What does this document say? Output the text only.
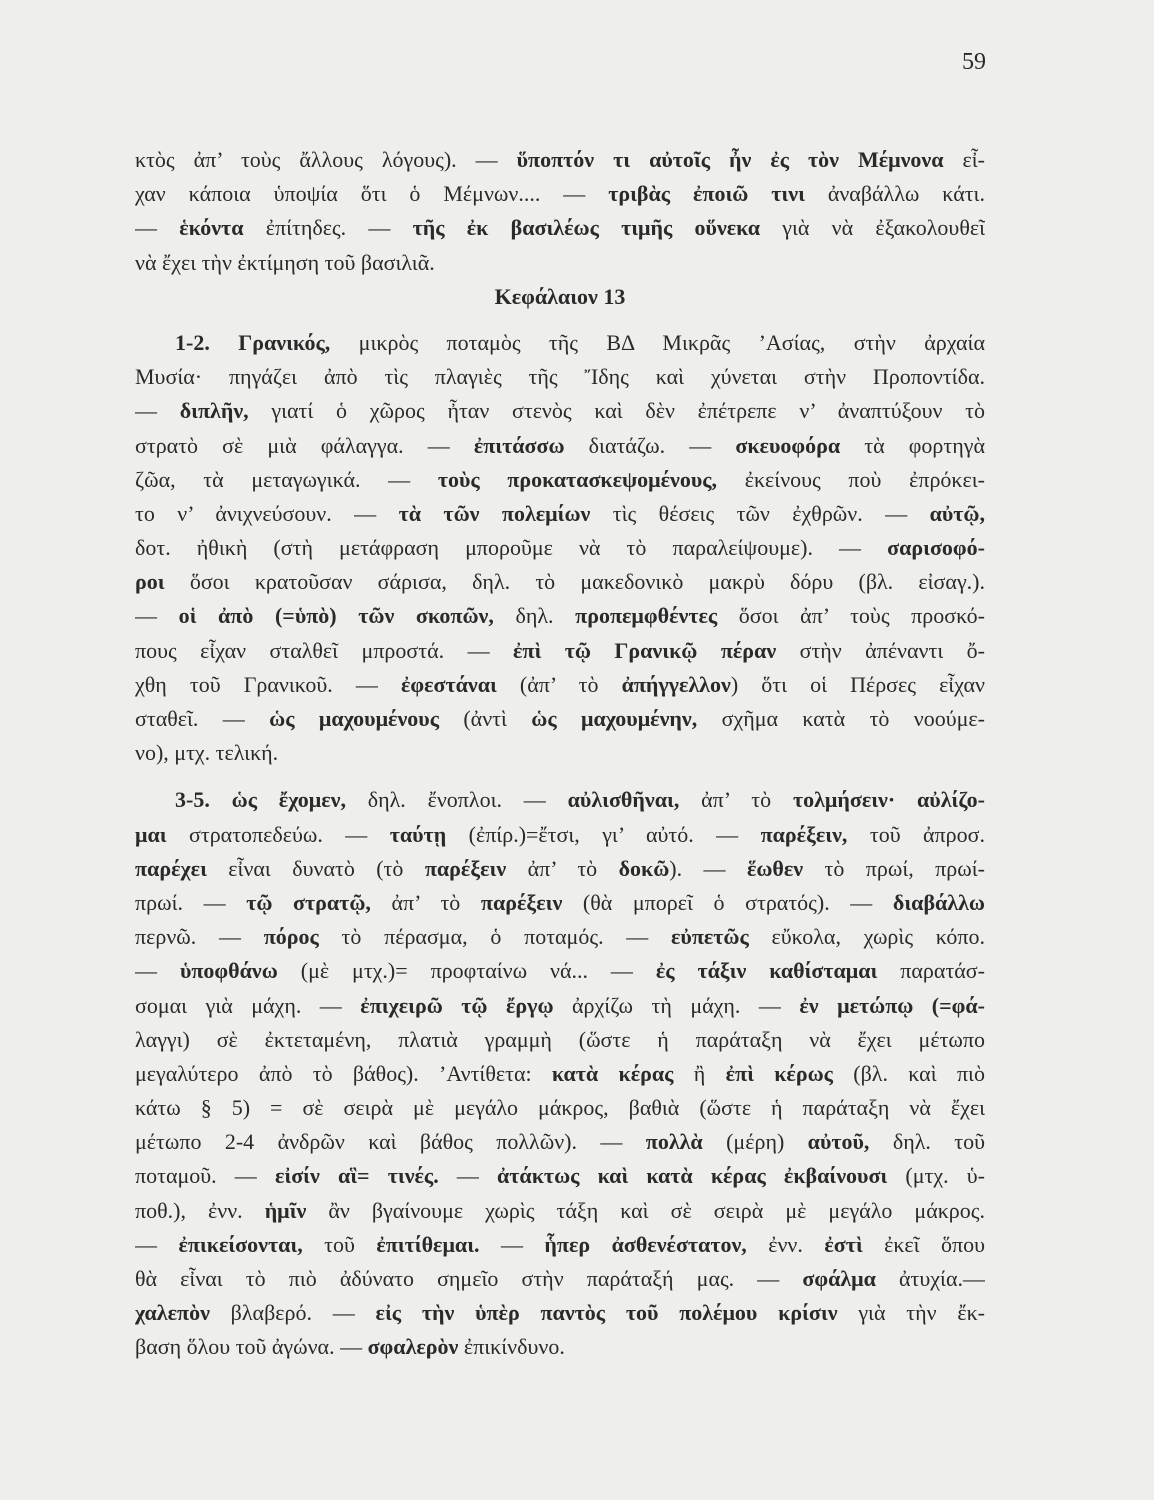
59
κτὸς ἀπ’ τοὺς ἄλλους λόγους). — ὕποπτόν τι αὐτοῖς ἦν ἐς τὸν Μέμνονα εἶ-
χαν κάποια ὑποψία ὅτι ὁ Μέμνων.... — τριβὰς ἐποιῶ τινι ἀναβάλλω κάτι.
— ἑκόντα ἐπίτηδες. — τῆς ἐκ βασιλέως τιμῆς οὕνεκα γιὰ νὰ ἐξακολουθεῖ
νὰ ἔχει τὴν ἐκτίμηση τοῦ βασιλιᾶ.
Κεφάλαιον 13
1-2. Γρανικός, μικρὸς ποταμὸς τῆς ΒΔ Μικρᾶς ’Ασίας, στὴν ἀρχαία
Μυσία· πηγάζει ἀπὸ τὶς πλαγιὲς τῆς Ἴδης καὶ χύνεται στὴν Προποντίδα.
— διπλῆν, γιατί ὁ χῶρος ἦταν στενὸς καὶ δὲν ἐπέτρεπε ν’ ἀναπτύξουν τὸ
στρατὸ σὲ μιὰ φάλαγγα. — ἐπιτάσσω διατάζω. — σκευοφόρα τὰ φορτηγὰ
ζῶα, τὰ μεταγωγικά. — τοὺς προκατασκεψομένους, ἐκείνους ποὺ ἐπρόκει-
το ν’ ἀνιχνεύσουν. — τὰ τῶν πολεμίων τὶς θέσεις τῶν ἐχθρῶν. — αὐτῷ,
δοτ. ἠθικὴ (στὴ μετάφραση μποροῦμε νὰ τὸ παραλείψουμε). — σαρισοφό-
ροι ὅσοι κρατοῦσαν σάρισα, δηλ. τὸ μακεδονικὸ μακρὺ δόρυ (βλ. εἰσαγ.).
— οἱ ἀπὸ (=ὑπὸ) τῶν σκοπῶν, δηλ. προπεμφθέντες ὅσοι ἀπ’ τοὺς προσκό-
πους εἶχαν σταλθεῖ μπροστά. — ἐπὶ τῷ Γρανικῷ πέραν στὴν ἀπέναντι ὄ-
χθη τοῦ Γρανικοῦ. — ἐφεστάναι (ἀπ’ τὸ ἀπήγγελλον) ὅτι οἱ Πέρσες εἶχαν
σταθεῖ. — ὡς μαχουμένους (ἀντὶ ὡς μαχουμένην, σχῆμα κατὰ τὸ νοούμε-
νο), μτχ. τελική.
3-5. ὡς ἔχομεν, δηλ. ἔνοπλοι. — αὐλισθῆναι, ἀπ’ τὸ τολμήσειν· αὐλίζο-
μαι στρατοπεδεύω. — ταύτῃ (ἐπίρ.)=ἔτσι, γι’ αὐτό. — παρέξειν, τοῦ ἀπροσ.
παρέχει εἶναι δυνατὸ (τὸ παρέξειν ἀπ’ τὸ δοκῶ). — ἕωθεν τὸ πρωί, πρωί-
πρωί. — τῷ στρατῷ, ἀπ’ τὸ παρέξειν (θὰ μπορεῖ ὁ στρατός). — διαβάλλω
περνῶ. — πόρος τὸ πέρασμα, ὁ ποταμός. — εὐπετῶς εὔκολα, χωρὶς κόπο.
— ὑποφθάνω (μὲ μτχ.)= προφταίνω νά... — ἐς τάξιν καθίσταμαι παρατάσ-
σομαι γιὰ μάχη. — ἐπιχειρῶ τῷ ἔργῳ ἀρχίζω τὴ μάχη. — ἐν μετώπῳ (=φά-
λαγγι) σὲ ἐκτεταμένη, πλατιὰ γραμμὴ (ὥστε ἡ παράταξη νὰ ἔχει μέτωπο
μεγαλύτερο ἀπὸ τὸ βάθος). ’Αντίθετα: κατὰ κέρας ἢ ἐπὶ κέρως (βλ. καὶ πιὸ
κάτω § 5) = σὲ σειρὰ μὲ μεγάλο μάκρος, βαθιὰ (ὥστε ἡ παράταξη νὰ ἔχει
μέτωπο 2-4 ἀνδρῶν καὶ βάθος πολλῶν). — πολλὰ (μέρη) αὐτοῦ, δηλ. τοῦ
ποταμοῦ. — εἰσίν αἳ= τινές. — ἀτάκτως καὶ κατὰ κέρας ἐκβαίνουσι (μτχ. ὑ-
ποθ.), ἐνν. ἡμῖν ἂν βγαίνουμε χωρὶς τάξη καὶ σὲ σειρὰ μὲ μεγάλο μάκρος.
— ἐπικείσονται, τοῦ ἐπιτίθεμαι. — ἧπερ ἀσθενέστατον, ἐνν. ἐστὶ ἐκεῖ ὅπου
θὰ εἶναι τὸ πιὸ ἀδύνατο σημεῖο στὴν παράταξή μας. — σφάλμα ἀτυχία.—
χαλεπὸν βλαβερό. — εἰς τὴν ὑπὲρ παντὸς τοῦ πολέμου κρίσιν γιὰ τὴν ἔκ-
βαση ὅλου τοῦ ἀγώνα. — σφαλερὸν ἐπικίνδυνο.
